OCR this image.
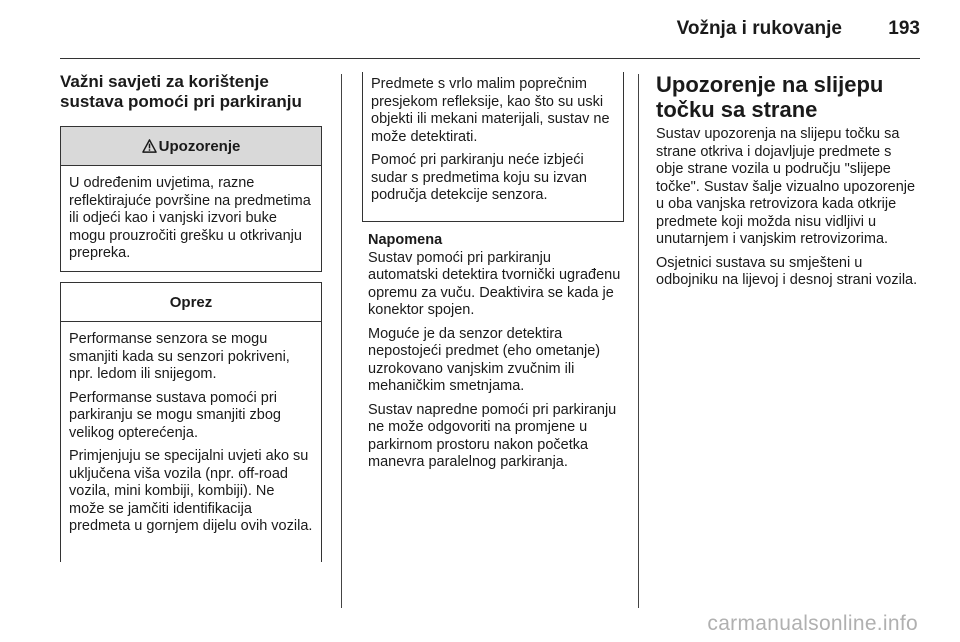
Vožnja i rukovanje 193
Važni savjeti za korištenje sustava pomoći pri parkiranju
Upozorenje

U određenim uvjetima, razne reflektirajuće površine na predmetima ili odjeći kao i vanjski izvori buke mogu prouzročiti grešku u otkrivanju prepreka.

Oprez

Performanse senzora se mogu smanjiti kada su senzori pokriveni, npr. ledom ili snijegom.

Performanse sustava pomoći pri parkiranju se mogu smanjiti zbog velikog opterećenja.

Primjenjuju se specijalni uvjeti ako su uključena viša vozila (npr. off-road vozila, mini kombiji, kombiji). Ne može se jamčiti identifikacija predmeta u gornjem dijelu ovih vozila.

Predmete s vrlo malim poprečnim presjekom refleksije, kao što su uski objekti ili mekani materijali, sustav ne može detektirati.

Pomoć pri parkiranju neće izbjeći sudar s predmetima koju su izvan područja detekcije senzora.

Napomena

Sustav pomoći pri parkiranju automatski detektira tvornički ugrađenu opremu za vuču. Deaktivira se kada je konektor spojen.

Moguće je da senzor detektira nepostojeći predmet (eho ometanje) uzrokovano vanjskim zvučnim ili mehaničkim smetnjama.

Sustav napredne pomoći pri parkiranju ne može odgovoriti na promjene u parkirnom prostoru nakon početka manevra paralelnog parkiranja.

Upozorenje na slijepu točku sa strane

Sustav upozorenja na slijepu točku sa strane otkriva i dojavljuje predmete s obje strane vozila u području "slijepe točke". Sustav šalje vizualno upozorenje u oba vanjska retrovizora kada otkrije predmete koji možda nisu vidljivi u unutarnjem i vanjskim retrovizorima.

Osjetnici sustava su smješteni u odbojniku na lijevoj i desnoj strani vozila.

carmanualsonline.info
